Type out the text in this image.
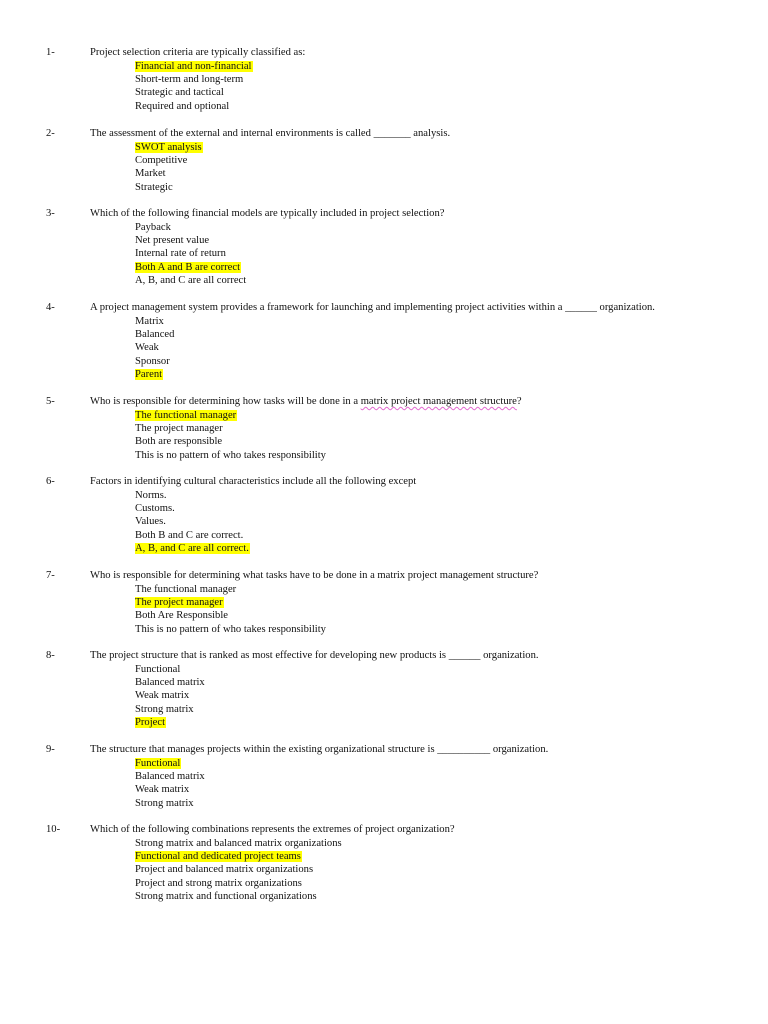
1-	Project selection criteria are typically classified as:
Financial and non-financial
Short-term and long-term
Strategic and tactical
Required and optional
2-	The assessment of the external and internal environments is called _______ analysis.
SWOT analysis
Competitive
Market
Strategic
3-	Which of the following financial models are typically included in project selection?
Payback
Net present value
Internal rate of return
Both A and B are correct
A, B, and C are all correct
4-	A project management system provides a framework for launching and implementing project activities within a ______ organization.
Matrix
Balanced
Weak
Sponsor
Parent
5-	Who is responsible for determining how tasks will be done in a matrix project management structure?
The functional manager
The project manager
Both are responsible
This is no pattern of who takes responsibility
6-	Factors in identifying cultural characteristics include all the following except
Norms.
Customs.
Values.
Both B and C are correct.
A, B, and C are all correct.
7-	Who is responsible for determining what tasks have to be done in a matrix project management structure?
The functional manager
The project manager
Both Are Responsible
This is no pattern of who takes responsibility
8-	The project structure that is ranked as most effective for developing new products is ______ organization.
Functional
Balanced matrix
Weak matrix
Strong matrix
Project
9-	The structure that manages projects within the existing organizational structure is __________ organization.
Functional
Balanced matrix
Weak matrix
Strong matrix
10-	Which of the following combinations represents the extremes of project organization?
Strong matrix and balanced matrix organizations
Functional and dedicated project teams
Project and balanced matrix organizations
Project and strong matrix organizations
Strong matrix and functional organizations
